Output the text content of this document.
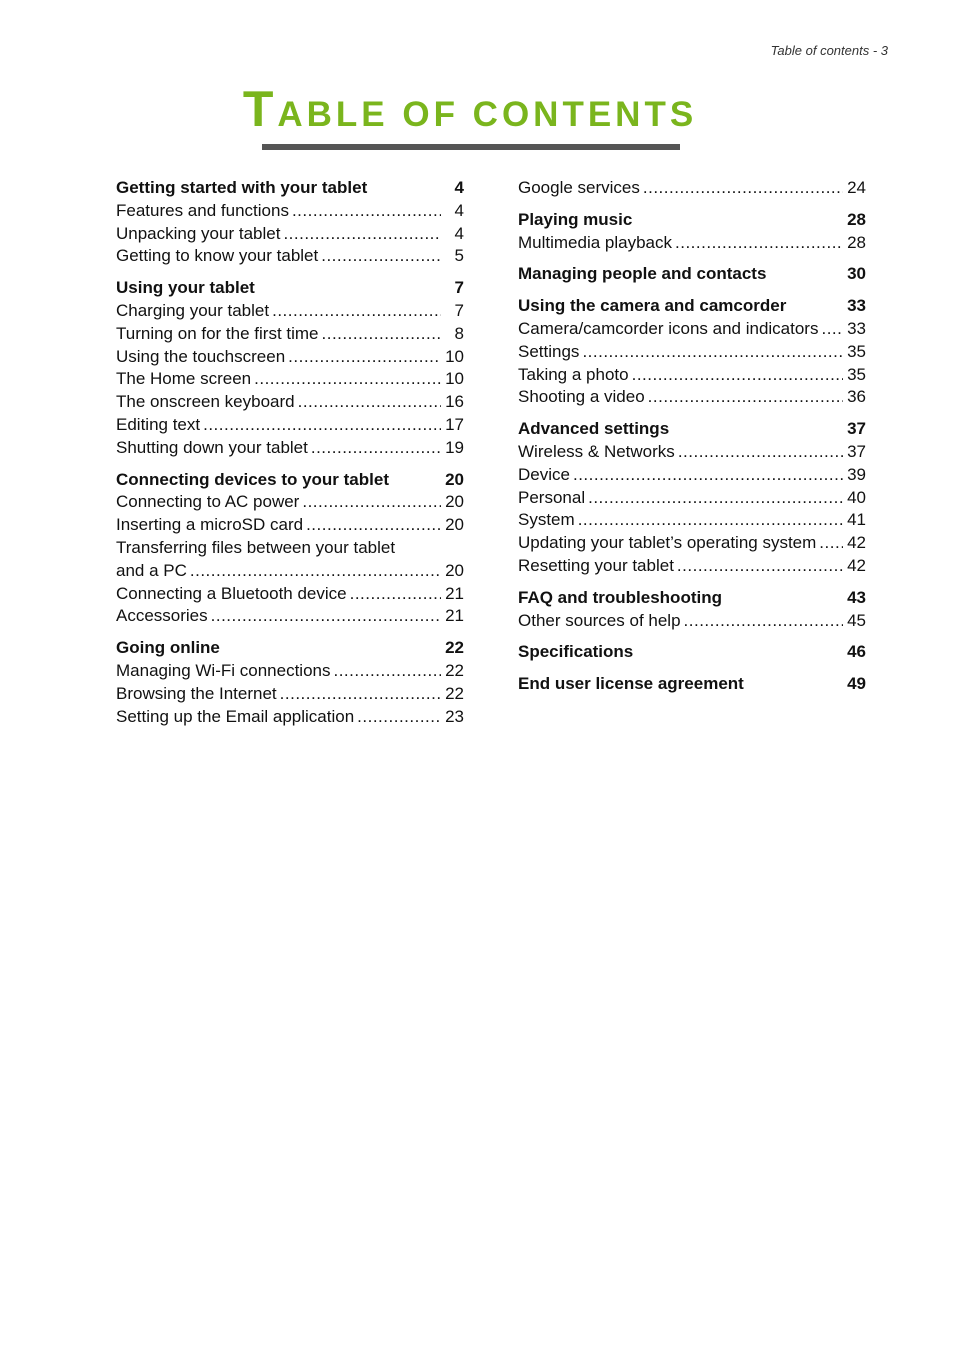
Table of contents - 3
TABLE OF CONTENTS
Getting started with your tablet	4
Features and functions .....	4
Unpacking your tablet .....	4
Getting to know your tablet .....	5
Using your tablet	7
Charging your tablet .....	7
Turning on for the first time .....	8
Using the touchscreen .....	10
The Home screen .....	10
The onscreen keyboard .....	16
Editing text .....	17
Shutting down your tablet .....	19
Connecting devices to your tablet	20
Connecting to AC power .....	20
Inserting a microSD card .....	20
Transferring files between your tablet
and a PC .....	20
Connecting a Bluetooth device .....	21
Accessories .....	21
Going online	22
Managing Wi-Fi connections .....	22
Browsing the Internet .....	22
Setting up the Email application .....	23
Google services .....	24
Playing music	28
Multimedia playback .....	28
Managing people and contacts	30
Using the camera and camcorder	33
Camera/camcorder icons and indicators ..... 33
Settings .....	35
Taking a photo .....	35
Shooting a video .....	36
Advanced settings	37
Wireless & Networks .....	37
Device .....	39
Personal .....	40
System .....	41
Updating your tablet’s operating system ..... 42
Resetting your tablet .....	42
FAQ and troubleshooting	43
Other sources of help .....	45
Specifications	46
End user license agreement	49
